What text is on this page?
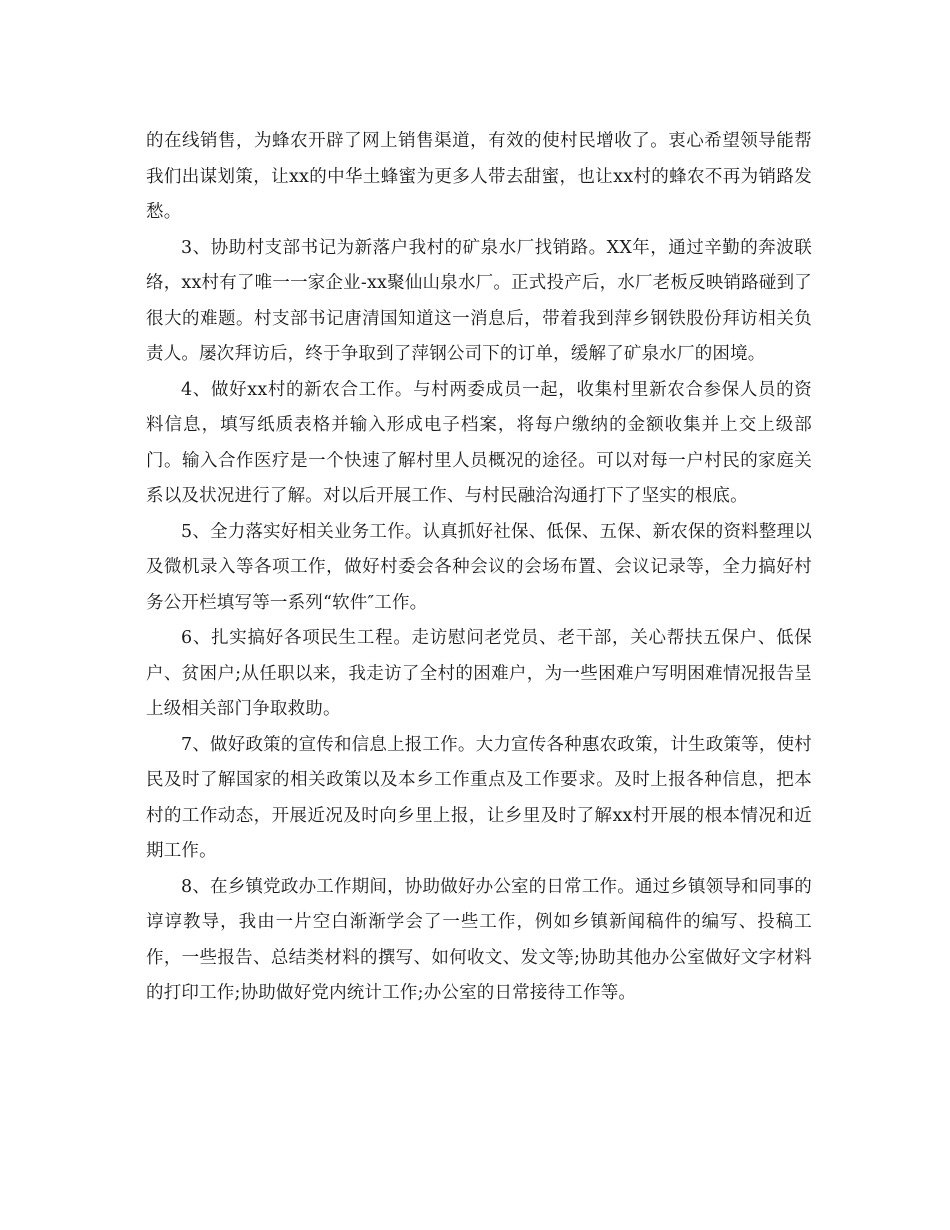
的在线销售，为蜂农开辟了网上销售渠道，有效的使村民增收了。衷心希望领导能帮我们出谋划策，让xx的中华土蜂蜜为更多人带去甜蜜，也让xx村的蜂农不再为销路发愁。

3、协助村支部书记为新落户我村的矿泉水厂找销路。XX年，通过辛勤的奔波联络，xx村有了唯一一家企业-xx聚仙山泉水厂。正式投产后，水厂老板反映销路碰到了很大的难题。村支部书记唐清国知道这一消息后，带着我到萍乡钢铁股份拜访相关负责人。屡次拜访后，终于争取到了萍钢公司下的订单，缓解了矿泉水厂的困境。

4、做好xx村的新农合工作。与村两委成员一起，收集村里新农合参保人员的资料信息，填写纸质表格并输入形成电子档案，将每户缴纳的金额收集并上交上级部门。输入合作医疗是一个快速了解村里人员概况的途径。可以对每一户村民的家庭关系以及状况进行了解。对以后开展工作、与村民融洽沟通打下了坚实的根底。

5、全力落实好相关业务工作。认真抓好社保、低保、五保、新农保的资料整理以及微机录入等各项工作，做好村委会各种会议的会场布置、会议记录等，全力搞好村务公开栏填写等一系列“软件″工作。

6、扎实搞好各项民生工程。走访慰问老党员、老干部，关心帮扶五保户、低保户、贫困户;从任职以来，我走访了全村的困难户，为一些困难户写明困难情况报告呈上级相关部门争取救助。

7、做好政策的宣传和信息上报工作。大力宣传各种惠农政策，计生政策等，使村民及时了解国家的相关政策以及本乡工作重点及工作要求。及时上报各种信息，把本村的工作动态，开展近况及时向乡里上报，让乡里及时了解xx村开展的根本情况和近期工作。

8、在乡镇党政办工作期间，协助做好办公室的日常工作。通过乡镇领导和同事的谆谆教导，我由一片空白渐渐学会了一些工作，例如乡镇新闻稿件的编写、投稿工作，一些报告、总结类材料的撰写、如何收文、发文等;协助其他办公室做好文字材料的打印工作;协助做好党内统计工作;办公室的日常接待工作等。
